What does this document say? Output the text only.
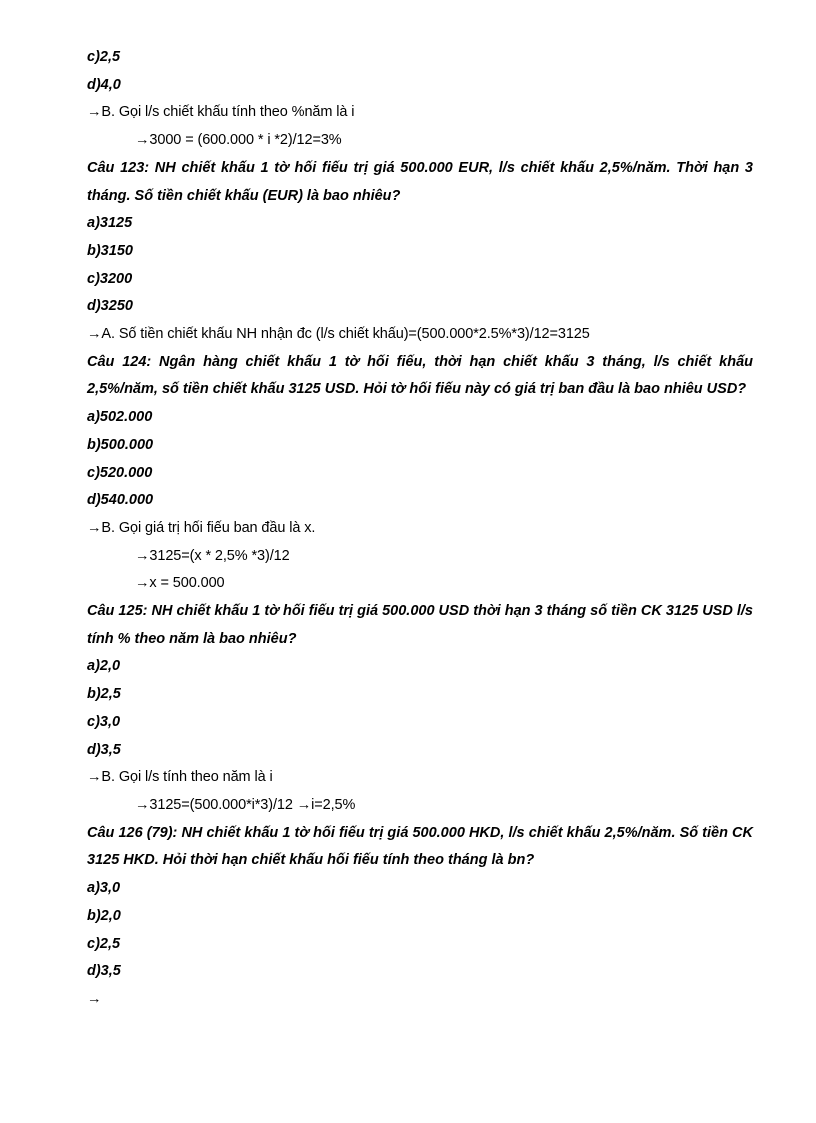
c)2,5
d)4,0
→B. Gọi l/s chiết khấu tính theo %năm là i
→3000 = (600.000 * i *2)/12=3%
Câu 123: NH chiết khấu 1 tờ hối fiếu trị giá 500.000 EUR, l/s chiết khấu 2,5%/năm. Thời hạn 3 tháng. Số tiền chiết khấu (EUR) là bao nhiêu?
a)3125
b)3150
c)3200
d)3250
→A. Số tiền chiết khấu NH nhận đc (l/s chiết khấu)=(500.000*2.5%*3)/12=3125
Câu 124: Ngân hàng chiết khấu 1 tờ hối fiếu, thời hạn chiết khấu 3 tháng, l/s chiết khấu 2,5%/năm, số tiền chiết khấu 3125 USD. Hỏi tờ hối fiếu này có giá trị ban đầu là bao nhiêu USD?
a)502.000
b)500.000
c)520.000
d)540.000
→B. Gọi giá trị hối fiếu ban đầu là x.
→3125=(x * 2,5% *3)/12
→x = 500.000
Câu 125: NH chiết khấu 1 tờ hối fiếu trị giá 500.000 USD thời hạn 3 tháng số tiền CK 3125 USD l/s tính % theo năm là bao nhiêu?
a)2,0
b)2,5
c)3,0
d)3,5
→B. Gọi l/s tính theo năm là i
→3125=(500.000*i*3)/12 →i=2,5%
Câu 126 (79): NH chiết khấu 1 tờ hối fiếu trị giá 500.000 HKD, l/s chiết khấu 2,5%/năm. Số tiền CK 3125 HKD. Hỏi thời hạn chiết khấu hối fiếu tính theo tháng là bn?
a)3,0
b)2,0
c)2,5
d)3,5
→
